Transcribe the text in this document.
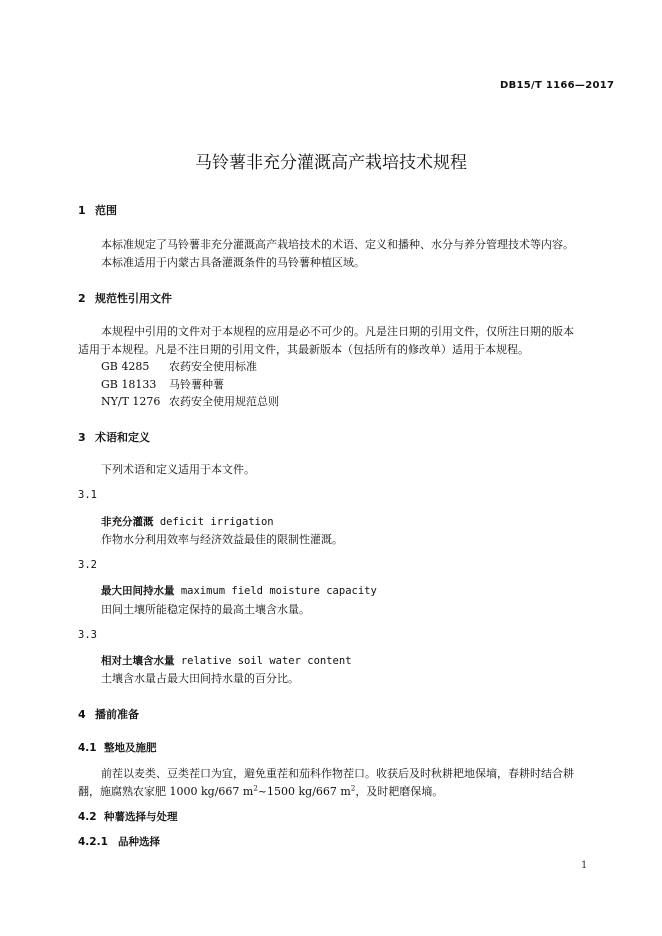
DB15/T 1166—2017
马铃薯非充分灌溉高产栽培技术规程
1 范围
本标准规定了马铃薯非充分灌溉高产栽培技术的术语、定义和播种、水分与养分管理技术等内容。
本标准适用于内蒙古具备灌溉条件的马铃薯种植区域。
2 规范性引用文件
本规程中引用的文件对于本规程的应用是必不可少的。凡是注日期的引用文件，仅所注日期的版本
适用于本规程。凡是不注日期的引用文件，其最新版本（包括所有的修改单）适用于本规程。
GB 4285 农药安全使用标准
GB 18133 马铃薯种薯
NY/T 1276 农药安全使用规范总则
3 术语和定义
下列术语和定义适用于本文件。
3.1
非充分灌溉 deficit irrigation
作物水分利用效率与经济效益最佳的限制性灌溉。
3.2
最大田间持水量 maximum field moisture capacity
田间土壤所能稳定保持的最高土壤含水量。
3.3
相对土壤含水量 relative soil water content
土壤含水量占最大田间持水量的百分比。
4 播前准备
4.1 整地及施肥
前茬以麦类、豆类茬口为宜，避免重茬和茄科作物茬口。收获后及时秋耕耙地保墒，春耕时结合耕
翻，施腐熟农家肥 1000 kg/667 $m^2\sim 1500$ kg/667 $m^2$，及时耙磨保墒。
4.2 种薯选择与处理
4.2.1 品种选择
1
